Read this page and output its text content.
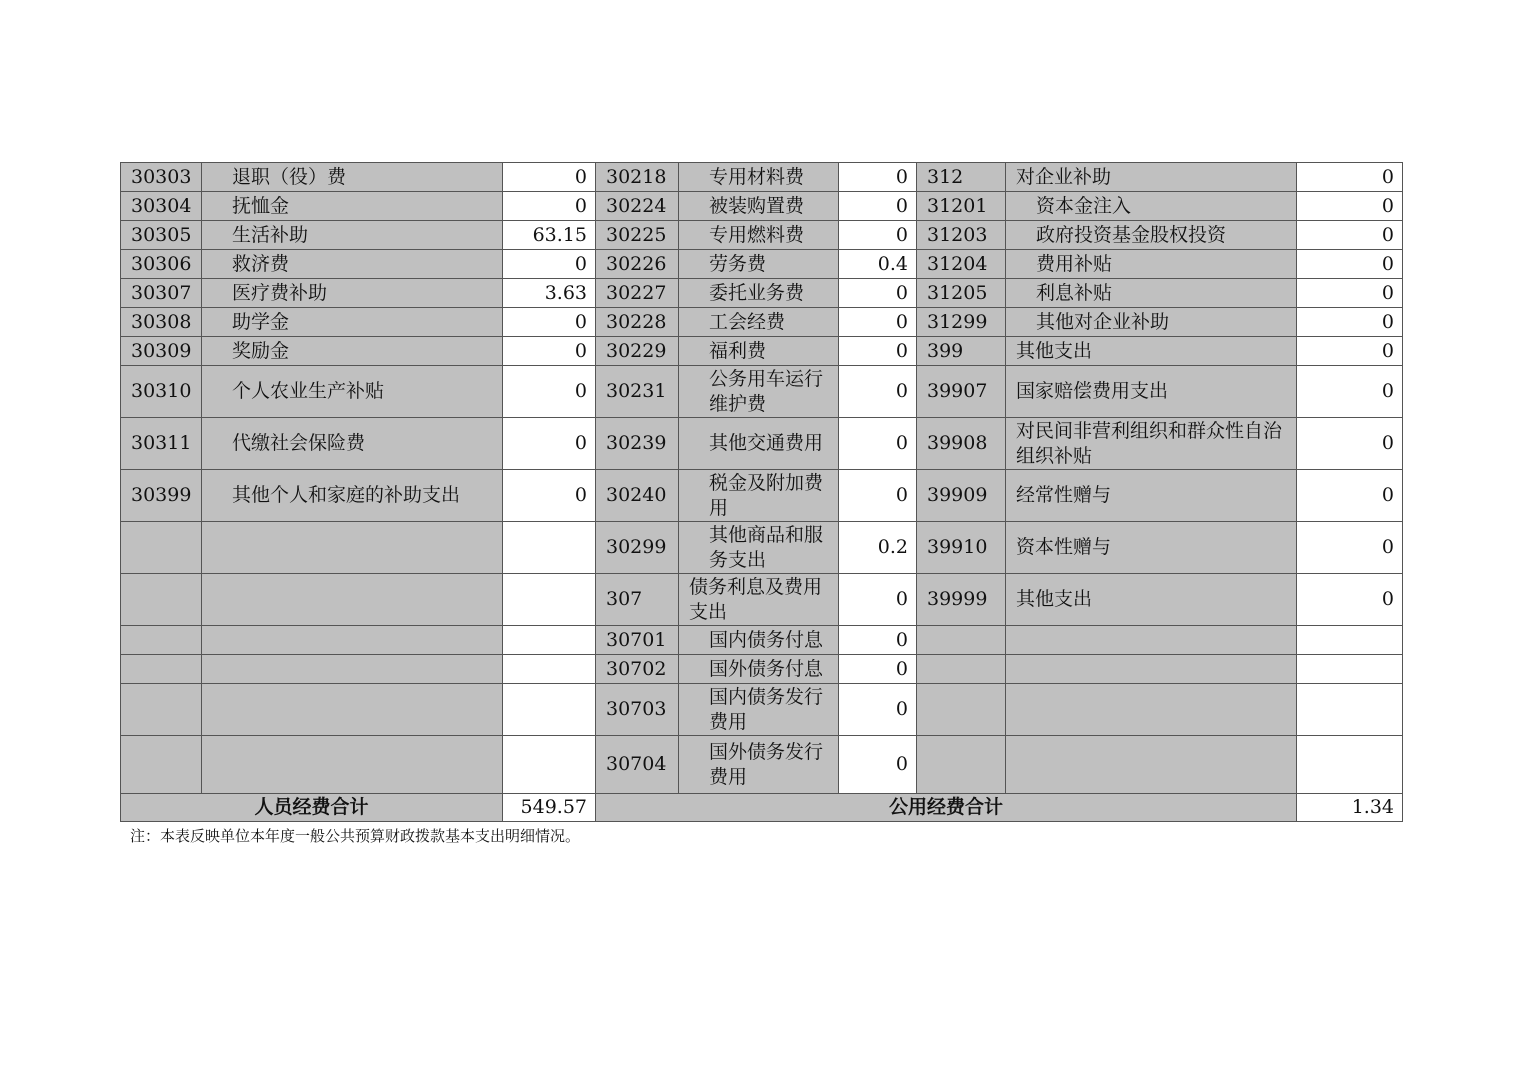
30303	退职（役）费	0	30218	专用材料费	0	312	对企业补助	0
30304	抚恤金	0	30224	被装购置费	0	31201	资本金注入	0
30305	生活补助	63.15	30225	专用燃料费	0	31203	政府投资基金股权投资	0
30306	救济费	0	30226	劳务费	0.4	31204	费用补贴	0
30307	医疗费补助	3.63	30227	委托业务费	0	31205	利息补贴	0
30308	助学金	0	30228	工会经费	0	31299	其他对企业补助	0
30309	奖励金	0	30229	福利费	0	399	其他支出	0
30310	个人农业生产补贴	0	30231	公务用车运行维护费	0	39907	国家赔偿费用支出	0
30311	代缴社会保险费	0	30239	其他交通费用	0	39908	对民间非营利组织和群众性自治组织补贴	0
30399	其他个人和家庭的补助支出	0	30240	税金及附加费用	0	39909	经常性赠与	0
			30299	其他商品和服务支出	0.2	39910	资本性赠与	0
			307	债务利息及费用支出	0	39999	其他支出	0
			30701	国内债务付息	0			
			30702	国外债务付息	0			
			30703	国内债务发行费用	0			
			30704	国外债务发行费用	0			
人员经费合计		549.57	公用经费合计					1.34
注：本表反映单位本年度一般公共预算财政拨款基本支出明细情况。
